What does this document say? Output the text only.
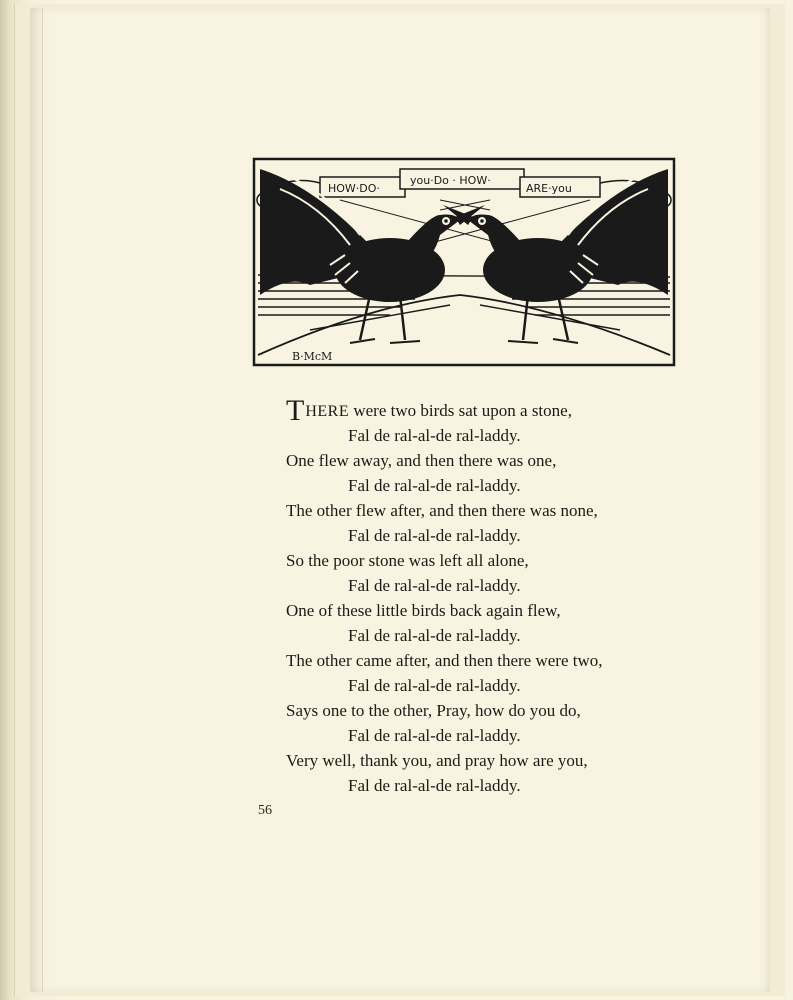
HOW·DO·
you·Do · HOW·
ARE·you
B·McM
THERE were two birds sat upon a stone,
Fal de ral-al-de ral-laddy.
One flew away, and then there was one,
Fal de ral-al-de ral-laddy.
The other flew after, and then there was none,
Fal de ral-al-de ral-laddy.
So the poor stone was left all alone,
Fal de ral-al-de ral-laddy.
One of these little birds back again flew,
Fal de ral-al-de ral-laddy.
The other came after, and then there were two,
Fal de ral-al-de ral-laddy.
Says one to the other, Pray, how do you do,
Fal de ral-al-de ral-laddy.
Very well, thank you, and pray how are you,
Fal de ral-al-de ral-laddy.
56
